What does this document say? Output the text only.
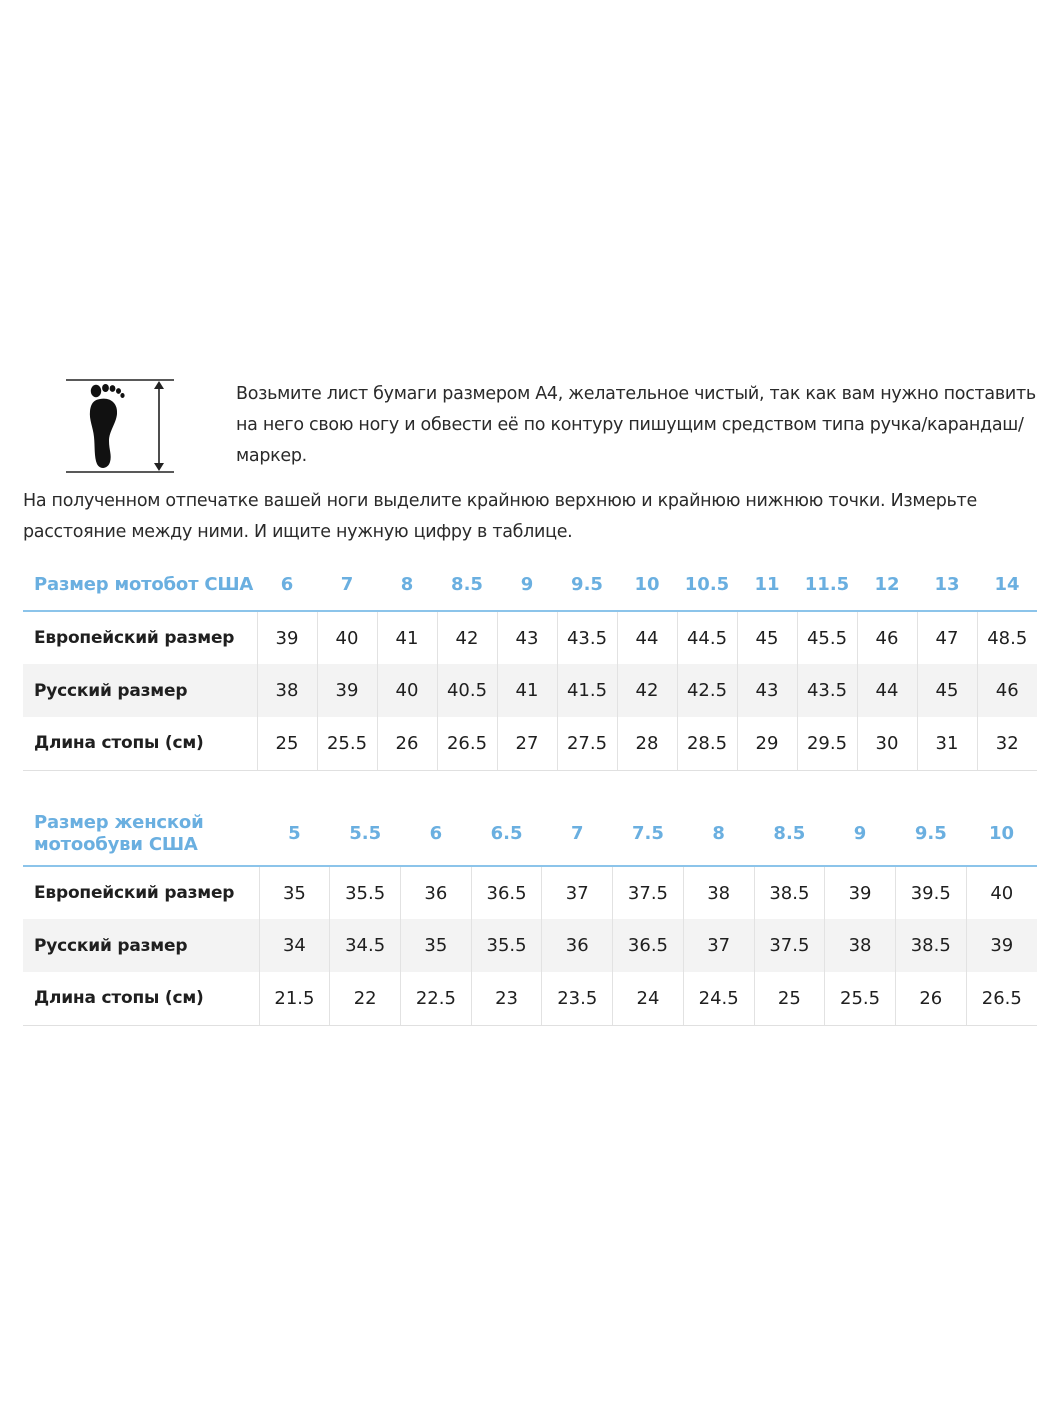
Возьмите лист бумаги размером А4, желательное чистый, так как вам нужно поставить на него свою ногу и обвести её по контуру пишущим средством типа ручка/карандаш/маркер.

На полученном отпечатке вашей ноги выделите крайнюю верхнюю и крайнюю нижнюю точки. Измерьте расстояние между ними. И ищите нужную цифру в таблице.

Размер мотобот США	6	7	8	8.5	9	9.5	10	10.5	11	11.5	12	13	14
Европейский размер	39	40	41	42	43	43.5	44	44.5	45	45.5	46	47	48.5
Русский размер	38	39	40	40.5	41	41.5	42	42.5	43	43.5	44	45	46
Длина стопы (см)	25	25.5	26	26.5	27	27.5	28	28.5	29	29.5	30	31	32
Размер женской
мотообуви США	5	5.5	6	6.5	7	7.5	8	8.5	9	9.5	10
Европейский размер	35	35.5	36	36.5	37	37.5	38	38.5	39	39.5	40
Русский размер	34	34.5	35	35.5	36	36.5	37	37.5	38	38.5	39
Длина стопы (см)	21.5	22	22.5	23	23.5	24	24.5	25	25.5	26	26.5
